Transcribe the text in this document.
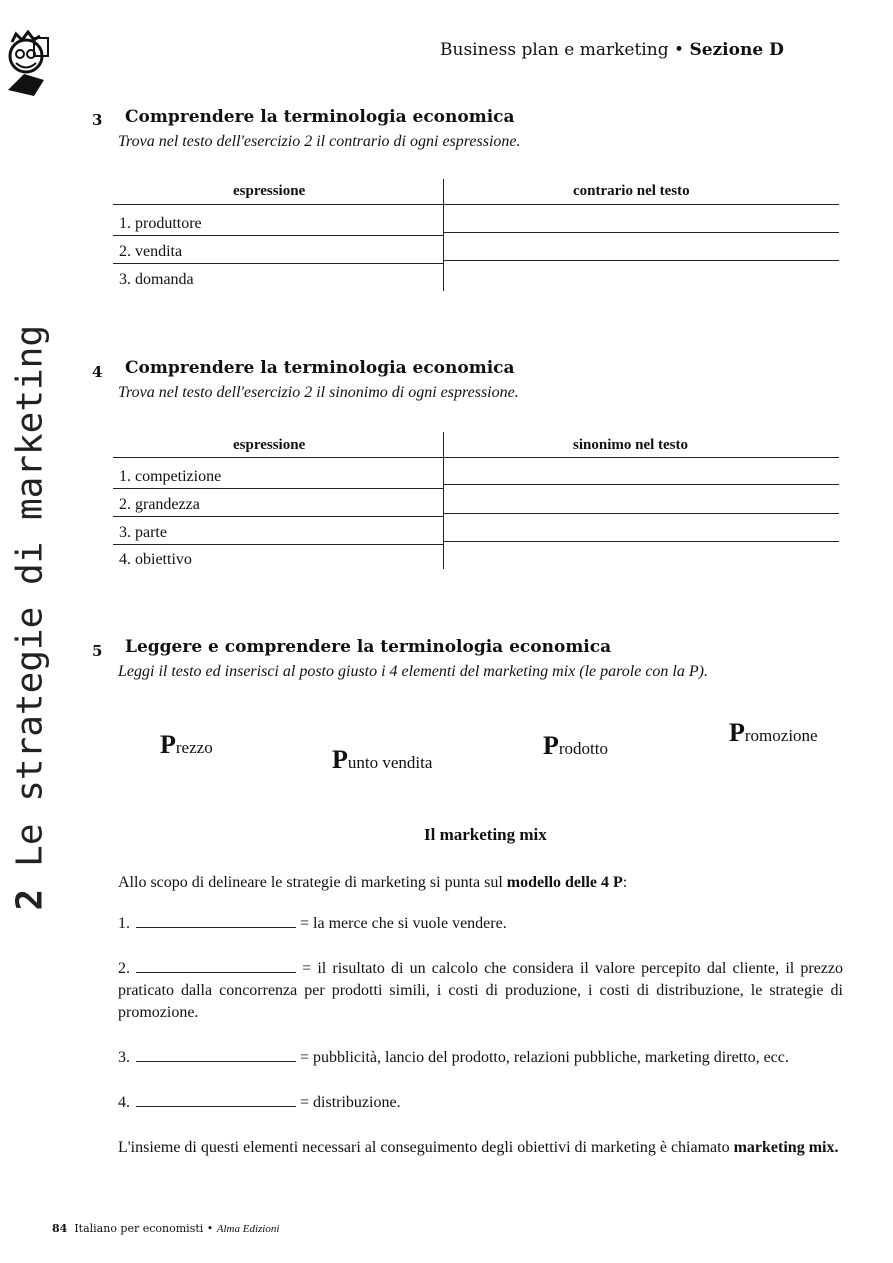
Business plan e marketing • Sezione D
2Le strategie di marketing
3 Comprendere la terminologia economica
Trova nel testo dell'esercizio 2 il contrario di ogni espressione.
espressione	contrario nel testo
1. produttore
2. vendita
3. domanda
4 Comprendere la terminologia economica
Trova nel testo dell'esercizio 2 il sinonimo di ogni espressione.
espressione	sinonimo nel testo
1. competizione
2. grandezza
3. parte
4. obiettivo
5 Leggere e comprendere la terminologia economica
Leggi il testo ed inserisci al posto giusto i 4 elementi del marketing mix (le parole con la P).
Prezzo	Punto vendita
Prodotto
Promozione
Il marketing mix
Allo scopo di delineare le strategie di marketing si punta sul modello delle 4 P:
1.	= la merce che si vuole vendere.
2.	= il risultato di un calcolo che considera il valore percepito dal cliente, il prezzo praticato dalla concorrenza per prodotti simili, i costi di produzione, i costi di distribuzione, le strategie di promozione.
3.	= pubblicità, lancio del prodotto, relazioni pubbliche, marketing diretto, ecc.
4.	= distribuzione.
L'insieme di questi elementi necessari al conseguimento degli obiettivi di marketing è chiamato marketing mix.
84 Italiano per economisti • Alma Edizioni
